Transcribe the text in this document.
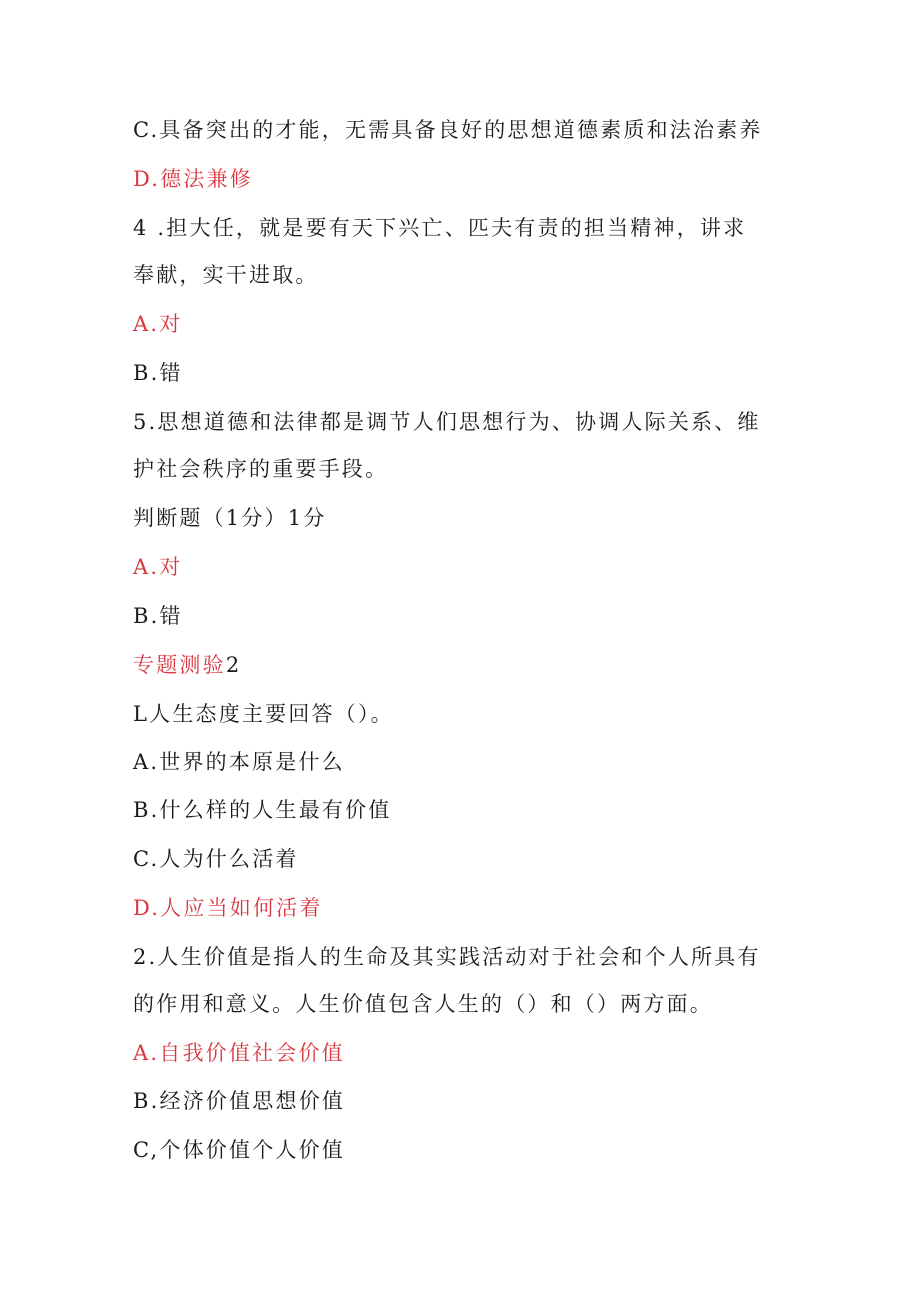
C.具备突出的才能，无需具备良好的思想道德素质和法治素养
D.德法兼修
4 .担大任，就是要有天下兴亡、匹夫有责的担当精神，讲求
奉献，实干进取。
A.对
B.错
5.思想道德和法律都是调节人们思想行为、协调人际关系、维
护社会秩序的重要手段。
判断题（1分）1分
A.对
B.错
专题测验2
L人生态度主要回答（）。
A.世界的本原是什么
B.什么样的人生最有价值
C.人为什么活着
D.人应当如何活着
2.人生价值是指人的生命及其实践活动对于社会和个人所具有
的作用和意义。人生价值包含人生的（）和（）两方面。
A.自我价值社会价值
B.经济价值思想价值
C,个体价值个人价值
